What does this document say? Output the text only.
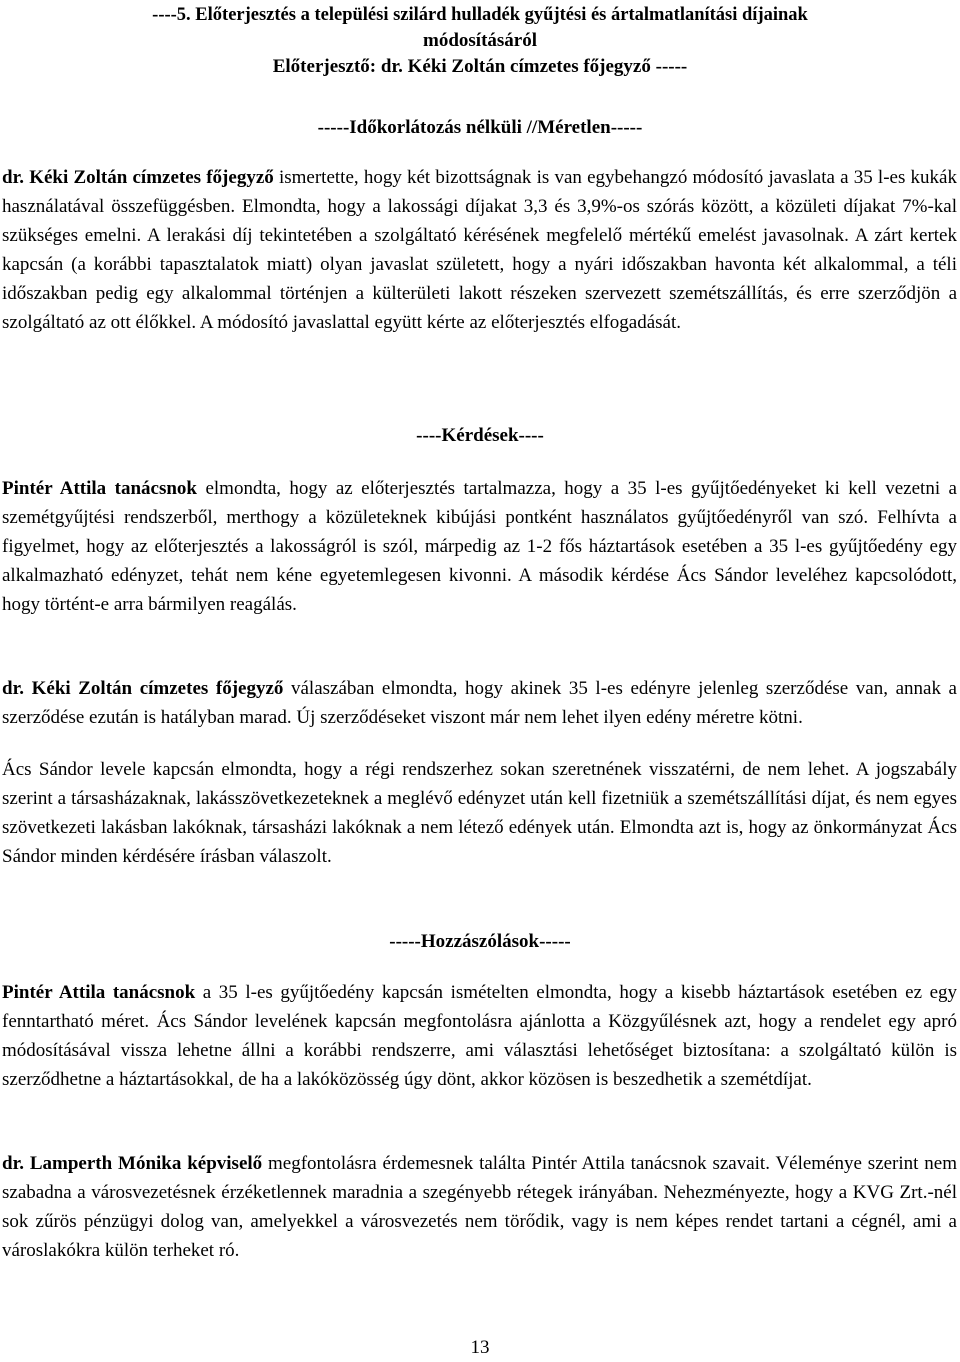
----5. Előterjesztés a települési szilárd hulladék gyűjtési és ártalmatlanítási díjainak
módosításáról
Előterjesztő: dr. Kéki Zoltán címzetes főjegyző -----
-----Időkorlátozás nélküli //Méretlen-----

dr. Kéki Zoltán címzetes főjegyző ismertette, hogy két bizottságnak is van egybehangzó módosító javaslata a 35 l-es kukák használatával összefüggésben. Elmondta, hogy a lakossági díjakat 3,3 és 3,9%-os szórás között, a közületi díjakat 7%-kal szükséges emelni. A lerakási díj tekintetében a szolgáltató kérésének megfelelő mértékű emelést javasolnak. A zárt kertek kapcsán (a korábbi tapasztalatok miatt) olyan javaslat született, hogy a nyári időszakban havonta két alkalommal, a téli időszakban pedig egy alkalommal történjen a külterületi lakott részeken szervezett szemétszállítás, és erre szerződjön a szolgáltató az ott élőkkel. A módosító javaslattal együtt kérte az előterjesztés elfogadását.

----Kérdések----

Pintér Attila tanácsnok elmondta, hogy az előterjesztés tartalmazza, hogy a 35 l-es gyűjtőedényeket ki kell vezetni a szemétgyűjtési rendszerből, merthogy a közületeknek kibújási pontként használatos gyűjtőedényről van szó. Felhívta a figyelmet, hogy az előterjesztés a lakosságról is szól, márpedig az 1-2 fős háztartások esetében a 35 l-es gyűjtőedény egy alkalmazható edényzet, tehát nem kéne egyetemlegesen kivonni. A második kérdése Ács Sándor leveléhez kapcsolódott, hogy történt-e arra bármilyen reagálás.

dr. Kéki Zoltán címzetes főjegyző válaszában elmondta, hogy akinek 35 l-es edényre jelenleg szerződése van, annak a szerződése ezután is hatályban marad. Új szerződéseket viszont már nem lehet ilyen edény méretre kötni.

Ács Sándor levele kapcsán elmondta, hogy a régi rendszerhez sokan szeretnének visszatérni, de nem lehet. A jogszabály szerint a társasházaknak, lakásszövetkezeteknek a meglévő edényzet után kell fizetniük a szemétszállítási díjat, és nem egyes szövetkezeti lakásban lakóknak, társasházi lakóknak a nem létező edények után. Elmondta azt is, hogy az önkormányzat Ács Sándor minden kérdésére írásban válaszolt.

-----Hozzászólások-----

Pintér Attila tanácsnok a 35 l-es gyűjtőedény kapcsán ismételten elmondta, hogy a kisebb háztartások esetében ez egy fenntartható méret. Ács Sándor levelének kapcsán megfontolásra ajánlotta a Közgyűlésnek azt, hogy a rendelet egy apró módosításával vissza lehetne állni a korábbi rendszerre, ami választási lehetőséget biztosítana: a szolgáltató külön is szerződhetne a háztartásokkal, de ha a lakóközösség úgy dönt, akkor közösen is beszedhetik a szemétdíjat.

dr. Lamperth Mónika képviselő megfontolásra érdemesnek találta Pintér Attila tanácsnok szavait. Véleménye szerint nem szabadna a városvezetésnek érzéketlennek maradnia a szegényebb rétegek irányában. Nehezményezte, hogy a KVG Zrt.-nél sok zűrös pénzügyi dolog van, amelyekkel a városvezetés nem törődik, vagy is nem képes rendet tartani a cégnél, ami a városlakókra külön terheket ró.

13
